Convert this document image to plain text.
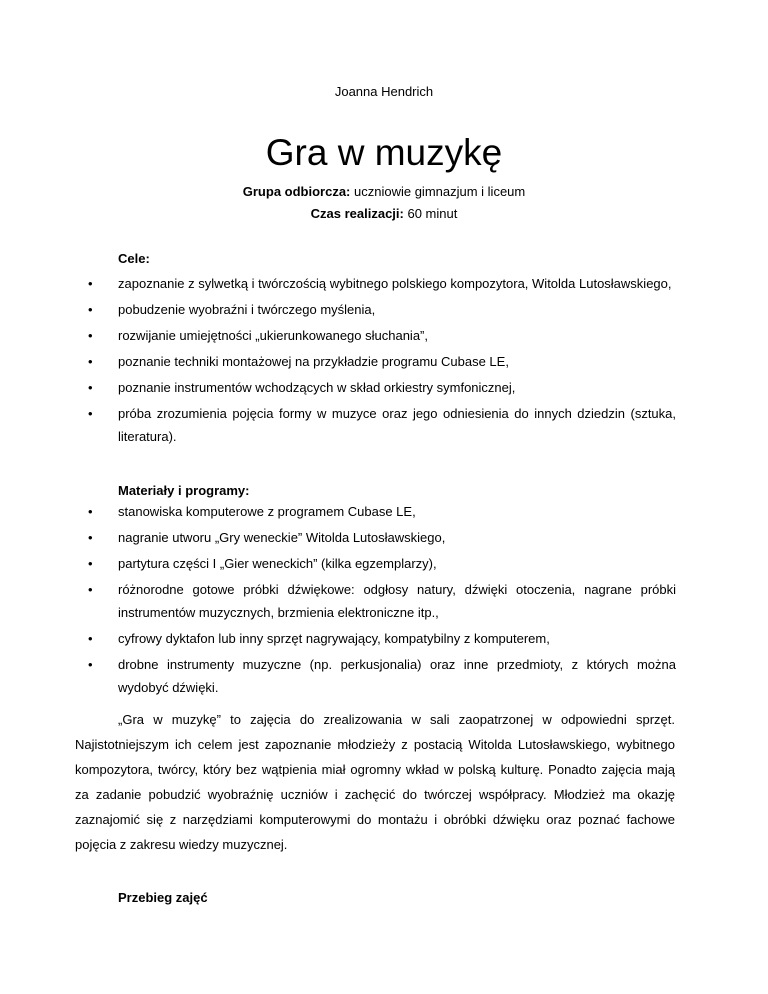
Joanna Hendrich
Gra w muzykę
Grupa odbiorcza: uczniowie gimnazjum i liceum
Czas realizacji: 60 minut
Cele:
• zapoznanie z sylwetką i twórczością wybitnego polskiego kompozytora, Witolda Lutosławskiego,
• pobudzenie wyobraźni i twórczego myślenia,
• rozwijanie umiejętności „ukierunkowanego słuchania”,
• poznanie techniki montażowej na przykładzie programu Cubase LE,
• poznanie instrumentów wchodzących w skład orkiestry symfonicznej,
• próba zrozumienia pojęcia formy w muzyce oraz jego odniesienia do innych dziedzin (sztuka, literatura).
Materiały i programy:
• stanowiska komputerowe z programem Cubase LE,
• nagranie utworu „Gry weneckie” Witolda Lutosławskiego,
• partytura części I „Gier weneckich” (kilka egzemplarzy),
• różnorodne gotowe próbki dźwiękowe: odgłosy natury, dźwięki otoczenia, nagrane próbki instrumentów muzycznych, brzmienia elektroniczne itp.,
• cyfrowy dyktafon lub inny sprzęt nagrywający, kompatybilny z komputerem,
• drobne instrumenty muzyczne (np. perkusjonalia) oraz inne przedmioty, z których można wydobyć dźwięki.

„Gra w muzykę” to zajęcia do zrealizowania w sali zaopatrzonej w odpowiedni sprzęt. Najistotniejszym ich celem jest zapoznanie młodzieży z postacią Witolda Lutosławskiego, wybitnego kompozytora, twórcy, który bez wątpienia miał ogromny wkład w polską kulturę. Ponadto zajęcia mają za zadanie pobudzić wyobraźnię uczniów i zachęcić do twórczej współpracy. Młodzież ma okazję zaznajomić się z narzędziami komputerowymi do montażu i obróbki dźwięku oraz poznać fachowe pojęcia z zakresu wiedzy muzycznej.

Przebieg zajęć
